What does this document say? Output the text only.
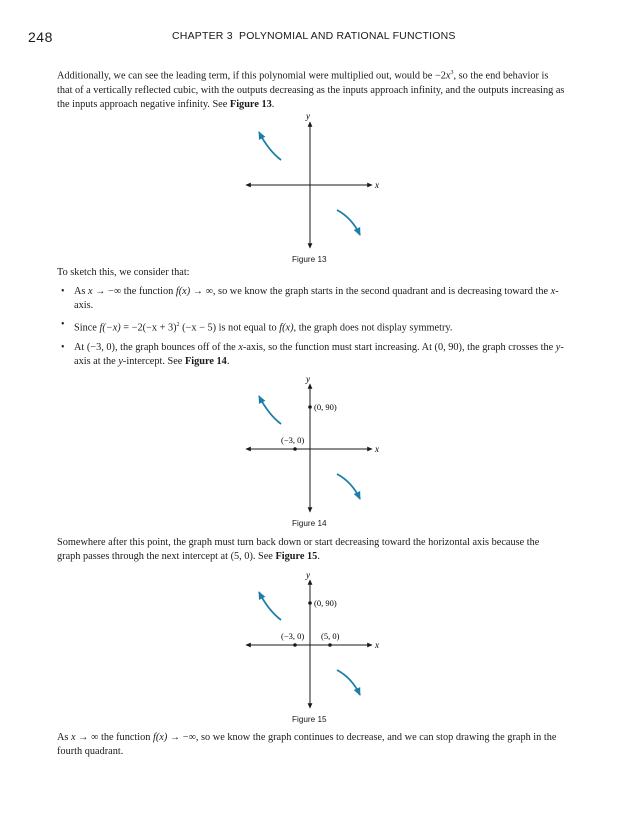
248	CHAPTER 3 POLYNOMIAL AND RATIONAL FUNCTIONS

Additionally, we can see the leading term, if this polynomial were multiplied out, would be $-2x^3$, so the end behavior is that of a vertically reflected cubic, with the outputs decreasing as the inputs approach infinity, and the outputs increasing as the inputs approach negative infinity. See Figure 13.

y
x
Figure 13

To sketch this, we consider that:

• As x → −∞ the function f(x) → ∞, so we know the graph starts in the second quadrant and is decreasing toward the x-axis.
• Since $f(-x) = -2(-x + 3)^2$ (−x − 5) is not equal to f(x), the graph does not display symmetry.
• At (−3, 0), the graph bounces off of the x-axis, so the function must start increasing. At (0, 90), the graph crosses the y-axis at the y-intercept. See Figure 14.
(0, 90)
(−3, 0)
y
x
Figure 14

Somewhere after this point, the graph must turn back down or start decreasing toward the horizontal axis because the graph passes through the next intercept at (5, 0). See Figure 15.

(0, 90)
(−3, 0) (5, 0)
y
x
Figure 15

As x → ∞ the function f(x) → −∞, so we know the graph continues to decrease, and we can stop drawing the graph in the fourth quadrant.
